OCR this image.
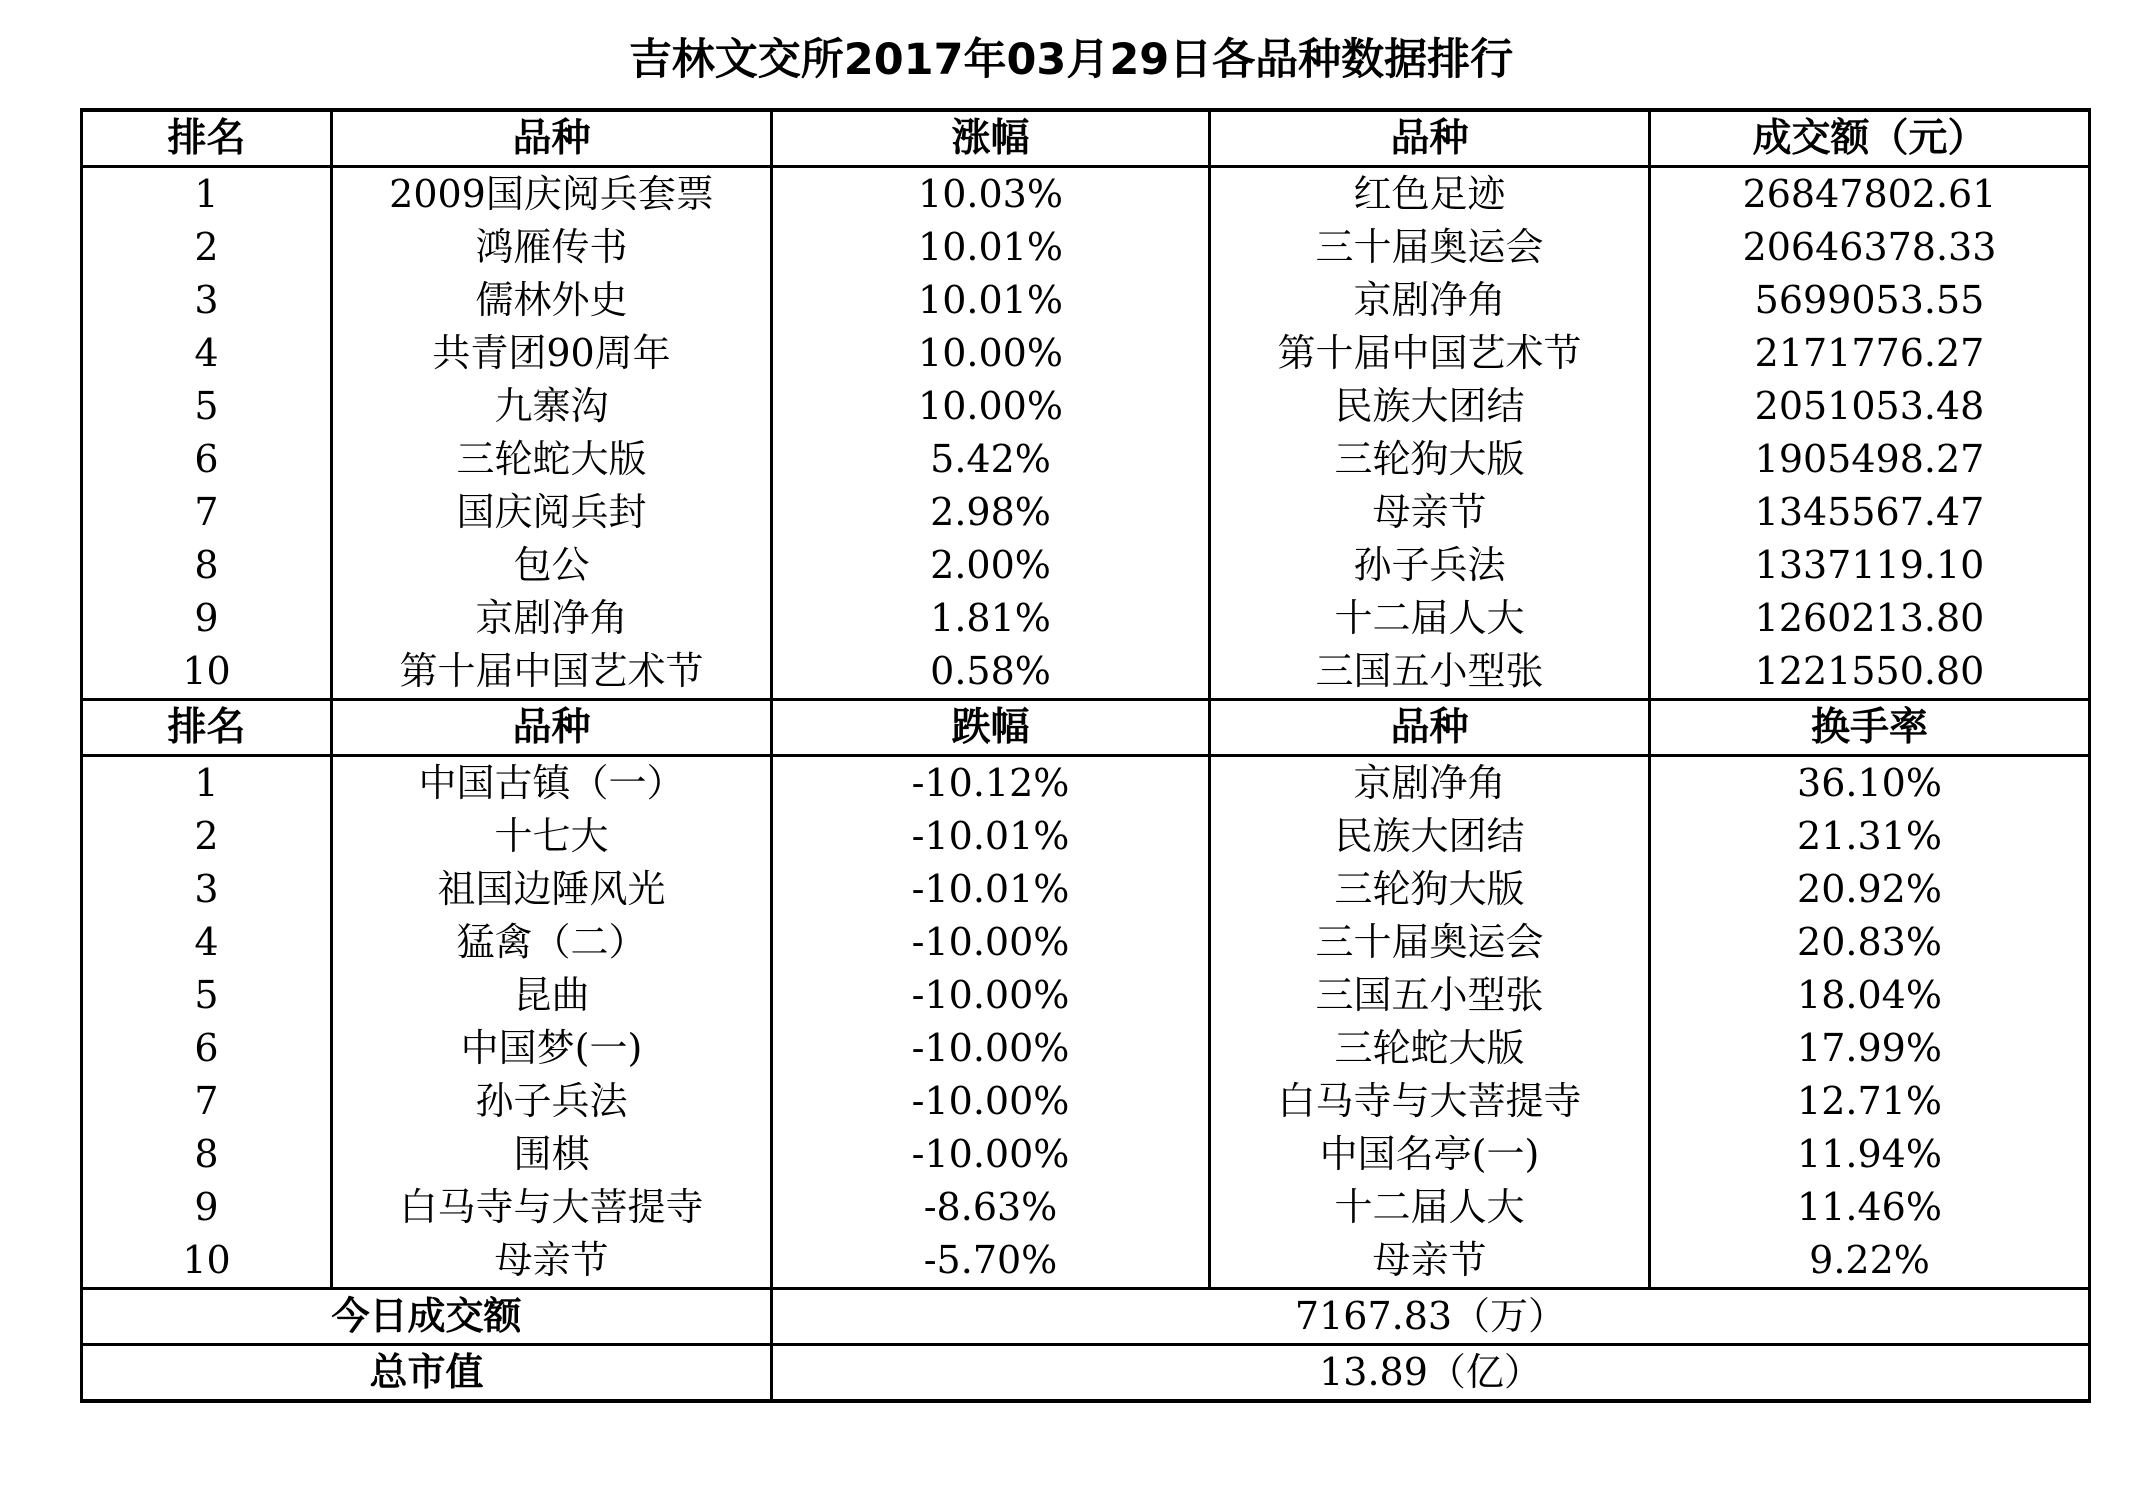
吉林文交所2017年03月29日各品种数据排行
排名	品种	涨幅	品种	成交额（元）
1	2009国庆阅兵套票	10.03%	红色足迹	26847802.61
2	鸿雁传书	10.01%	三十届奥运会	20646378.33
3	儒林外史	10.01%	京剧净角	5699053.55
4	共青团90周年	10.00%	第十届中国艺术节	2171776.27
5	九寨沟	10.00%	民族大团结	2051053.48
6	三轮蛇大版	5.42%	三轮狗大版	1905498.27
7	国庆阅兵封	2.98%	母亲节	1345567.47
8	包公	2.00%	孙子兵法	1337119.10
9	京剧净角	1.81%	十二届人大	1260213.80
10	第十届中国艺术节	0.58%	三国五小型张	1221550.80
排名	品种	跌幅	品种	换手率
1	中国古镇（一）	-10.12%	京剧净角	36.10%
2	十七大	-10.01%	民族大团结	21.31%
3	祖国边陲风光	-10.01%	三轮狗大版	20.92%
4	猛禽（二）	-10.00%	三十届奥运会	20.83%
5	昆曲	-10.00%	三国五小型张	18.04%
6	中国梦(一)	-10.00%	三轮蛇大版	17.99%
7	孙子兵法	-10.00%	白马寺与大菩提寺	12.71%
8	围棋	-10.00%	中国名亭(一)	11.94%
9	白马寺与大菩提寺	-8.63%	十二届人大	11.46%
10	母亲节	-5.70%	母亲节	9.22%
今日成交额		7167.83（万）		
总市值		13.89（亿）		
